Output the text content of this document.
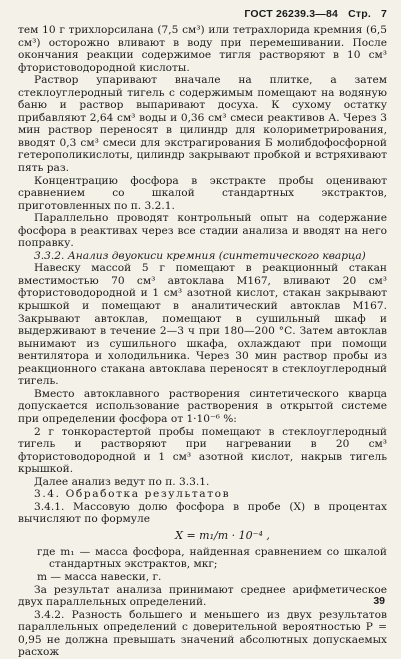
ГОСТ 26239.3—84 Стр. 7

тем 10 г трихлорсилана (7,5 см³) или тетрахлорида кремния (6,5 см³) осторожно вливают в воду при перемешивании. После окончания реакции содержимое тигля растворяют в 10 см³ фтористоводородной кислоты.

Раствор упаривают вначале на плитке, а затем стеклоуглеродный тигель с содержимым помещают на водяную баню и раствор выпаривают досуха. К сухому остатку прибавляют 2,64 см³ воды и 0,36 см³ смеси реактивов А. Через 3 мин раствор переносят в цилиндр для колориметрирования, вводят 0,3 см³ смеси для экстрагирования Б молибдофосфорной гетерополикислоты, цилиндр закрывают пробкой и встряхивают пять раз.

Концентрацию фосфора в экстракте пробы оценивают сравнением со шкалой стандартных экстрактов, приготовленных по п. 3.2.1.

Параллельно проводят контрольный опыт на содержание фосфора в реактивах через все стадии анализа и вводят на него поправку.

3.3.2. Анализ двуокиси кремния (синтетического кварца)

Навеску массой 5 г помещают в реакционный стакан вместимостью 70 см³ автоклава М167, вливают 20 см³ фтористоводородной и 1 см³ азотной кислот, стакан закрывают крышкой и помещают в аналитический автоклав М167. Закрывают автоклав, помещают в сушильный шкаф и выдерживают в течение 2—3 ч при 180—200 °С. Затем автоклав вынимают из сушильного шкафа, охлаждают при помощи вентилятора и холодильника. Через 30 мин раствор пробы из реакционного стакана автоклава переносят в стеклоуглеродный тигель.

Вместо автоклавного растворения синтетического кварца допускается использование растворения в открытой системе при определении фосфора от 1·10⁻⁶ %:

2 г тонкорастертой пробы помещают в стеклоуглеродный тигель и растворяют при нагревании в 20 см³ фтористоводородной и 1 см³ азотной кислот, накрыв тигель крышкой.

Далее анализ ведут по п. 3.3.1.

3.4. Обработка результатов

3.4.1. Массовую долю фосфора в пробе (X) в процентах вычисляют по формуле

X = m₁/m · 10⁻⁴ ,

где m₁ — масса фосфора, найденная сравнением со шкалой стандартных экстрактов, мкг;

m — масса навески, г.

За результат анализа принимают среднее арифметическое двух параллельных определений.

3.4.2. Разность большего и меньшего из двух результатов параллельных определений с доверительной вероятностью P = 0,95 не должна превышать значений абсолютных допускаемых расхож

39
